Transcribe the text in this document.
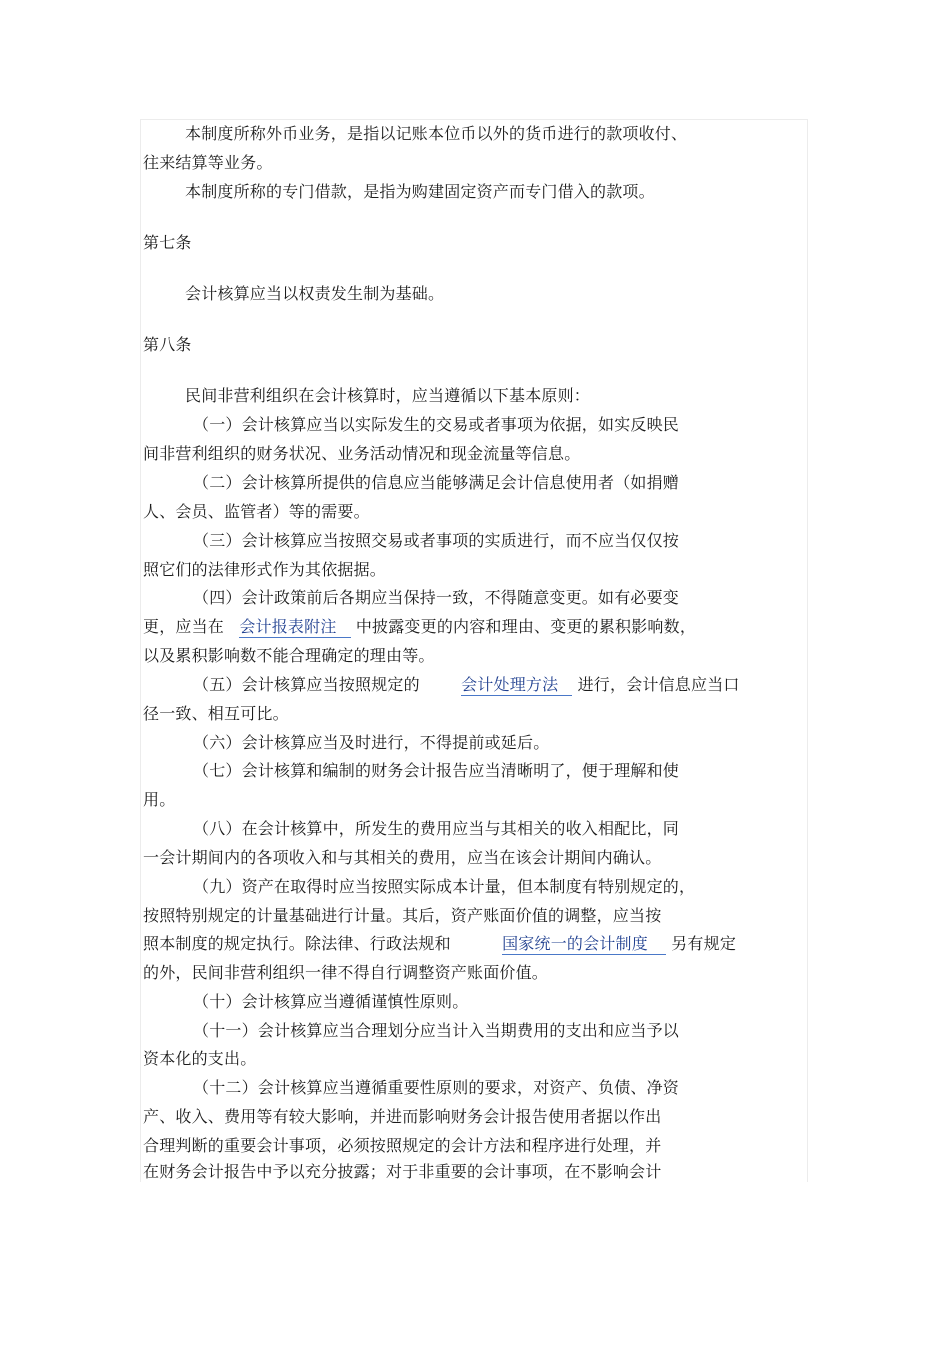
本制度所称外币业务，是指以记账本位币以外的货币进行的款项收付、
往来结算等业务。
本制度所称的专门借款，是指为购建固定资产而专门借入的款项。
第七条
会计核算应当以权责发生制为基础。
第八条
民间非营利组织在会计核算时，应当遵循以下基本原则：
（一）会计核算应当以实际发生的交易或者事项为依据，如实反映民
间非营利组织的财务状况、业务活动情况和现金流量等信息。
（二）会计核算所提供的信息应当能够满足会计信息使用者（如捐赠
人、会员、监管者）等的需要。
（三）会计核算应当按照交易或者事项的实质进行，而不应当仅仅按
照它们的法律形式作为其依据据。
（四）会计政策前后各期应当保持一致，不得随意变更。如有必要变
更，应当在 会计报表附注 中披露变更的内容和理由、变更的累积影响数，
以及累积影响数不能合理确定的理由等。
（五）会计核算应当按照规定的	会计处理方法 进行，会计信息应当口
径一致、相互可比。
（六）会计核算应当及时进行，不得提前或延后。
（七）会计核算和编制的财务会计报告应当清晰明了，便于理解和使
用。
（八）在会计核算中，所发生的费用应当与其相关的收入相配比，同
一会计期间内的各项收入和与其相关的费用，应当在该会计期间内确认。
（九）资产在取得时应当按照实际成本计量，但本制度有特别规定的，
按照特别规定的计量基础进行计量。其后，资产账面价值的调整，应当按
照本制度的规定执行。除法律、行政法规和	国家统一的会计制度 另有规定
的外，民间非营利组织一律不得自行调整资产账面价值。
（十）会计核算应当遵循谨慎性原则。
（十一）会计核算应当合理划分应当计入当期费用的支出和应当予以
资本化的支出。
（十二）会计核算应当遵循重要性原则的要求，对资产、负债、净资
产、收入、费用等有较大影响，并进而影响财务会计报告使用者据以作出
合理判断的重要会计事项，必须按照规定的会计方法和程序进行处理，并
在财务会计报告中予以充分披露；对于非重要的会计事项，在不影响会计
